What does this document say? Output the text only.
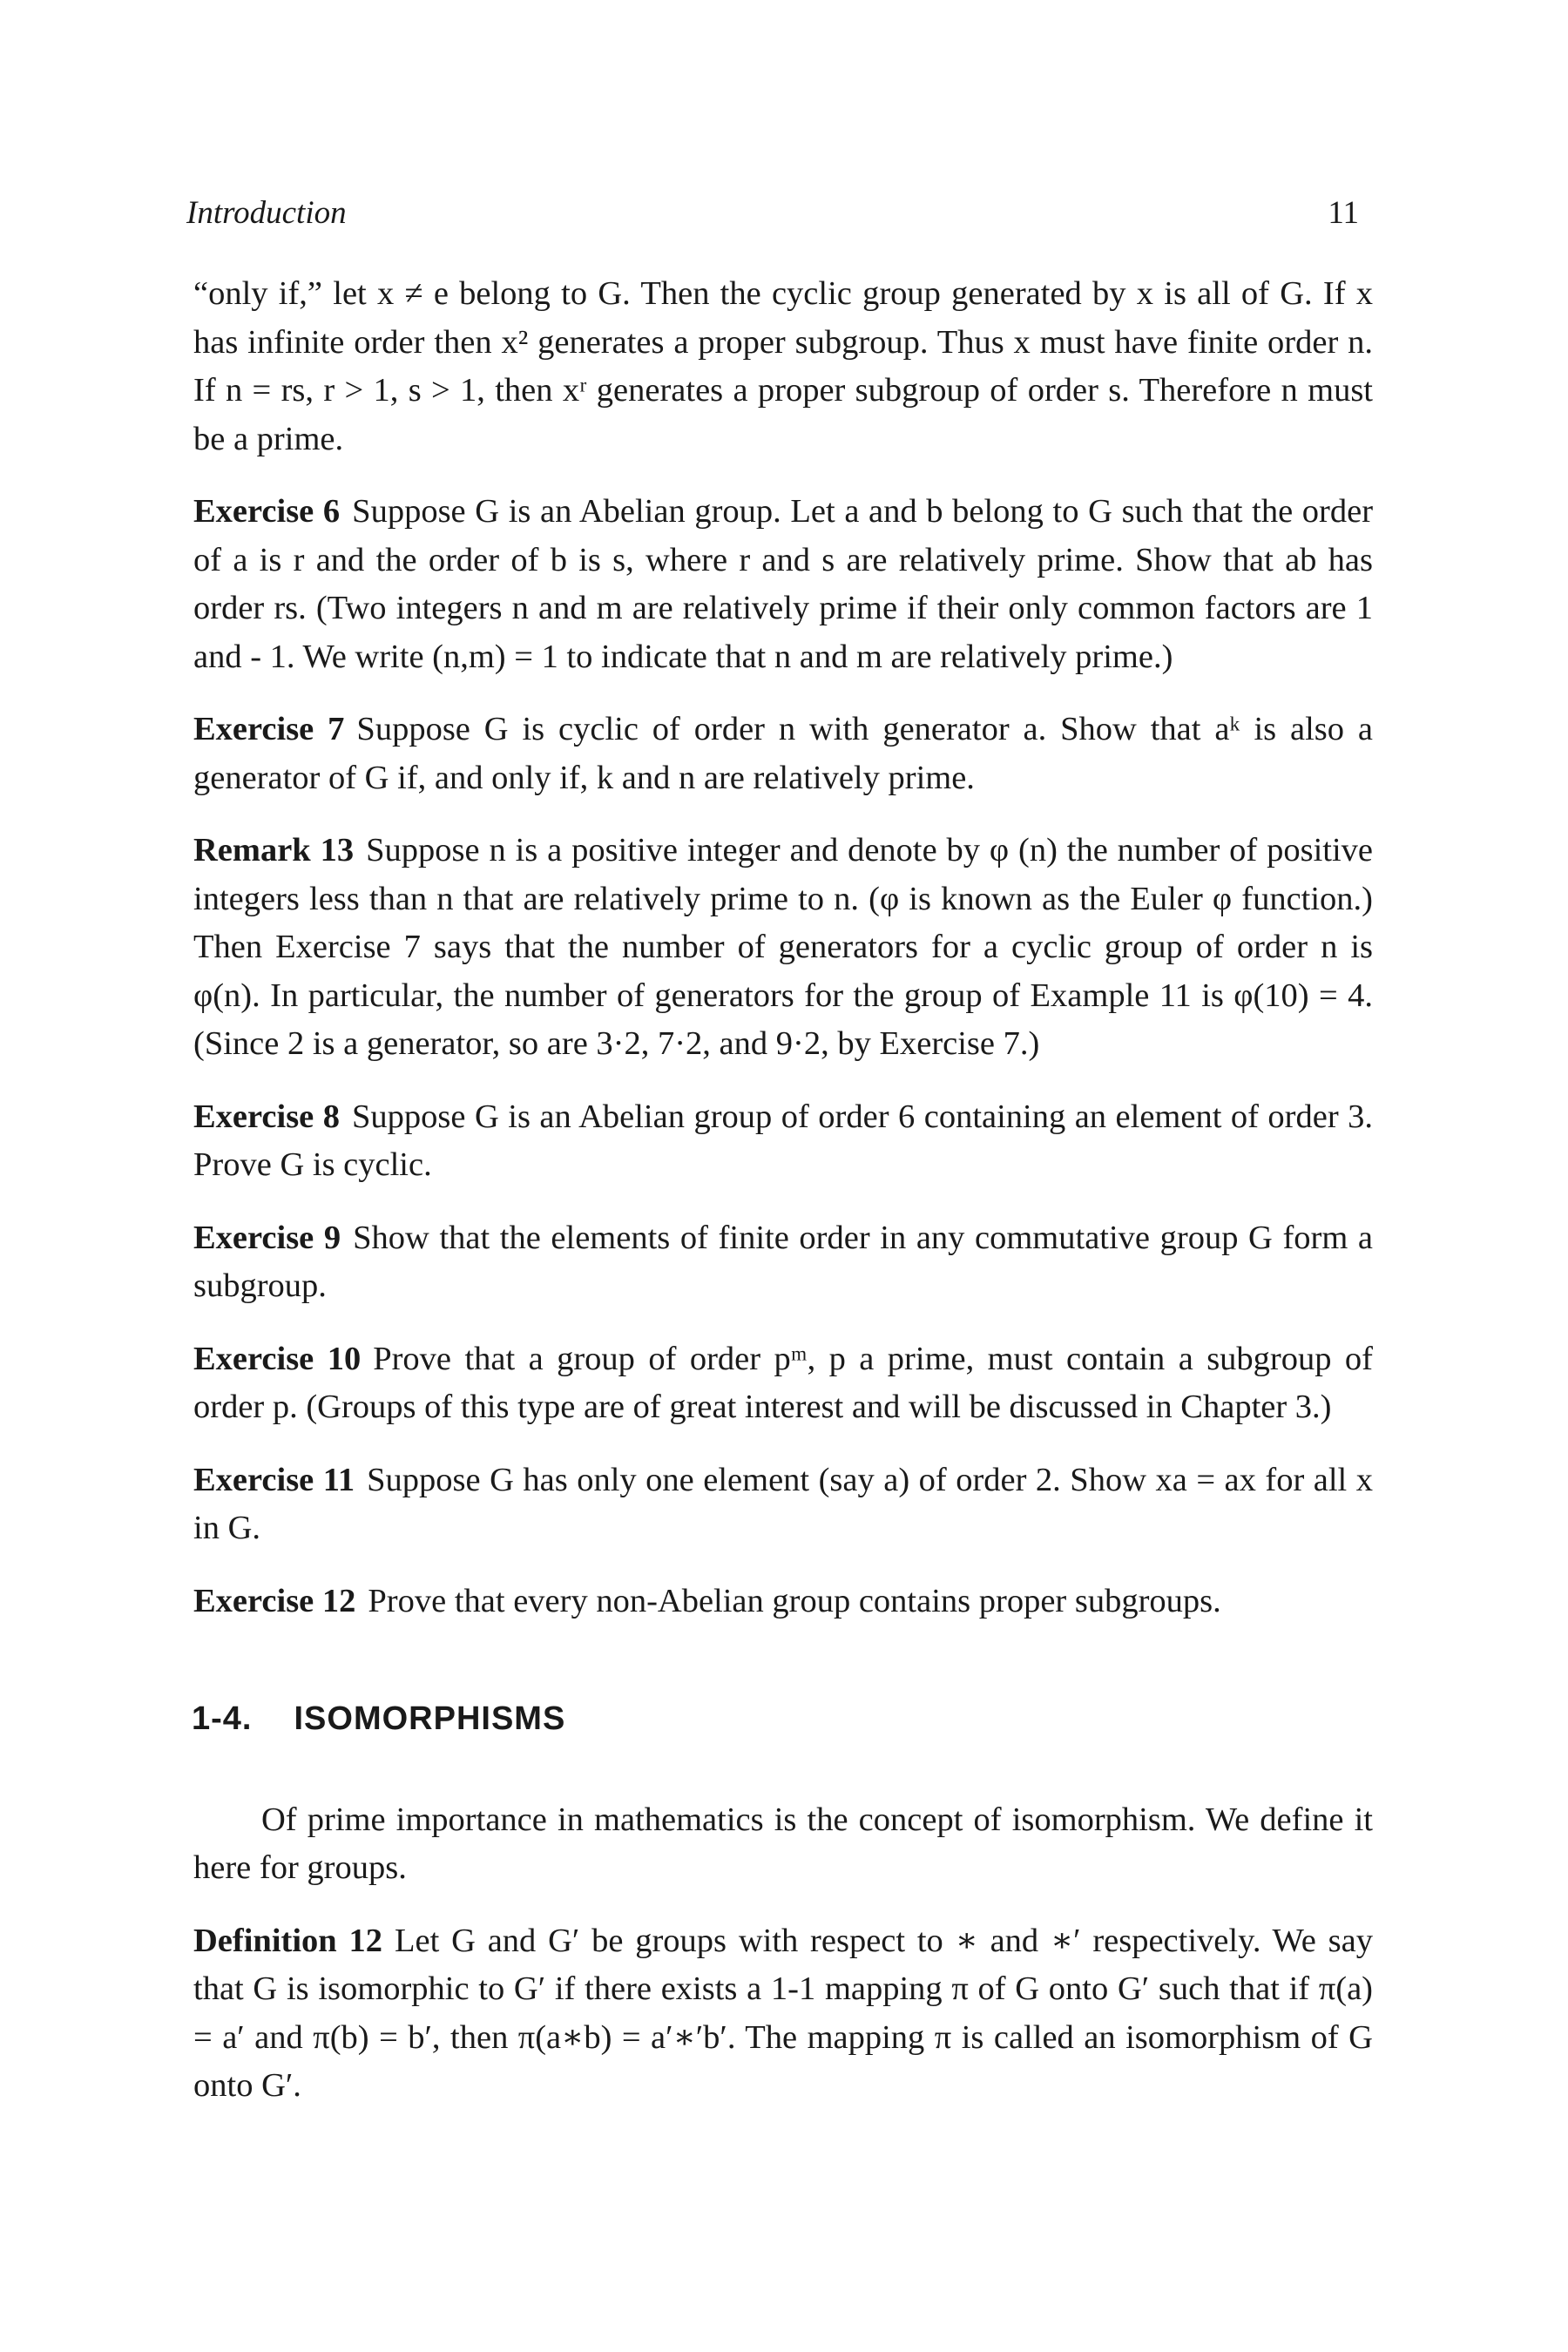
Introduction	11

“only if,” let x ≠ e belong to G. Then the cyclic group generated by x is all of G. If x has infinite order then x² generates a proper subgroup. Thus x must have finite order n. If n = rs, r > 1, s > 1, then xʳ generates a proper subgroup of order s. Therefore n must be a prime.

Exercise 6 Suppose G is an Abelian group. Let a and b belong to G such that the order of a is r and the order of b is s, where r and s are relatively prime. Show that ab has order rs. (Two integers n and m are relatively prime if their only common factors are 1 and - 1. We write (n,m) = 1 to indicate that n and m are relatively prime.)

Exercise 7 Suppose G is cyclic of order n with generator a. Show that aᵏ is also a generator of G if, and only if, k and n are relatively prime.

Remark 13 Suppose n is a positive integer and denote by φ (n) the number of positive integers less than n that are relatively prime to n. (φ is known as the Euler φ function.) Then Exercise 7 says that the number of generators for a cyclic group of order n is φ(n). In particular, the number of generators for the group of Example 11 is φ(10) = 4. (Since 2 is a generator, so are 3·2, 7·2, and 9·2, by Exercise 7.)

Exercise 8 Suppose G is an Abelian group of order 6 containing an element of order 3. Prove G is cyclic.

Exercise 9 Show that the elements of finite order in any commutative group G form a subgroup.

Exercise 10 Prove that a group of order pᵐ, p a prime, must contain a subgroup of order p. (Groups of this type are of great interest and will be discussed in Chapter 3.)

Exercise 11 Suppose G has only one element (say a) of order 2. Show xa = ax for all x in G.

Exercise 12 Prove that every non-Abelian group contains proper subgroups.

1-4. ISOMORPHISMS

Of prime importance in mathematics is the concept of isomorphism. We define it here for groups.

Definition 12 Let G and G′ be groups with respect to ∗ and ∗′ respectively. We say that G is isomorphic to G′ if there exists a 1-1 mapping π of G onto G′ such that if π(a) = a′ and π(b) = b′, then π(a∗b) = a′∗′b′. The mapping π is called an isomorphism of G onto G′.
